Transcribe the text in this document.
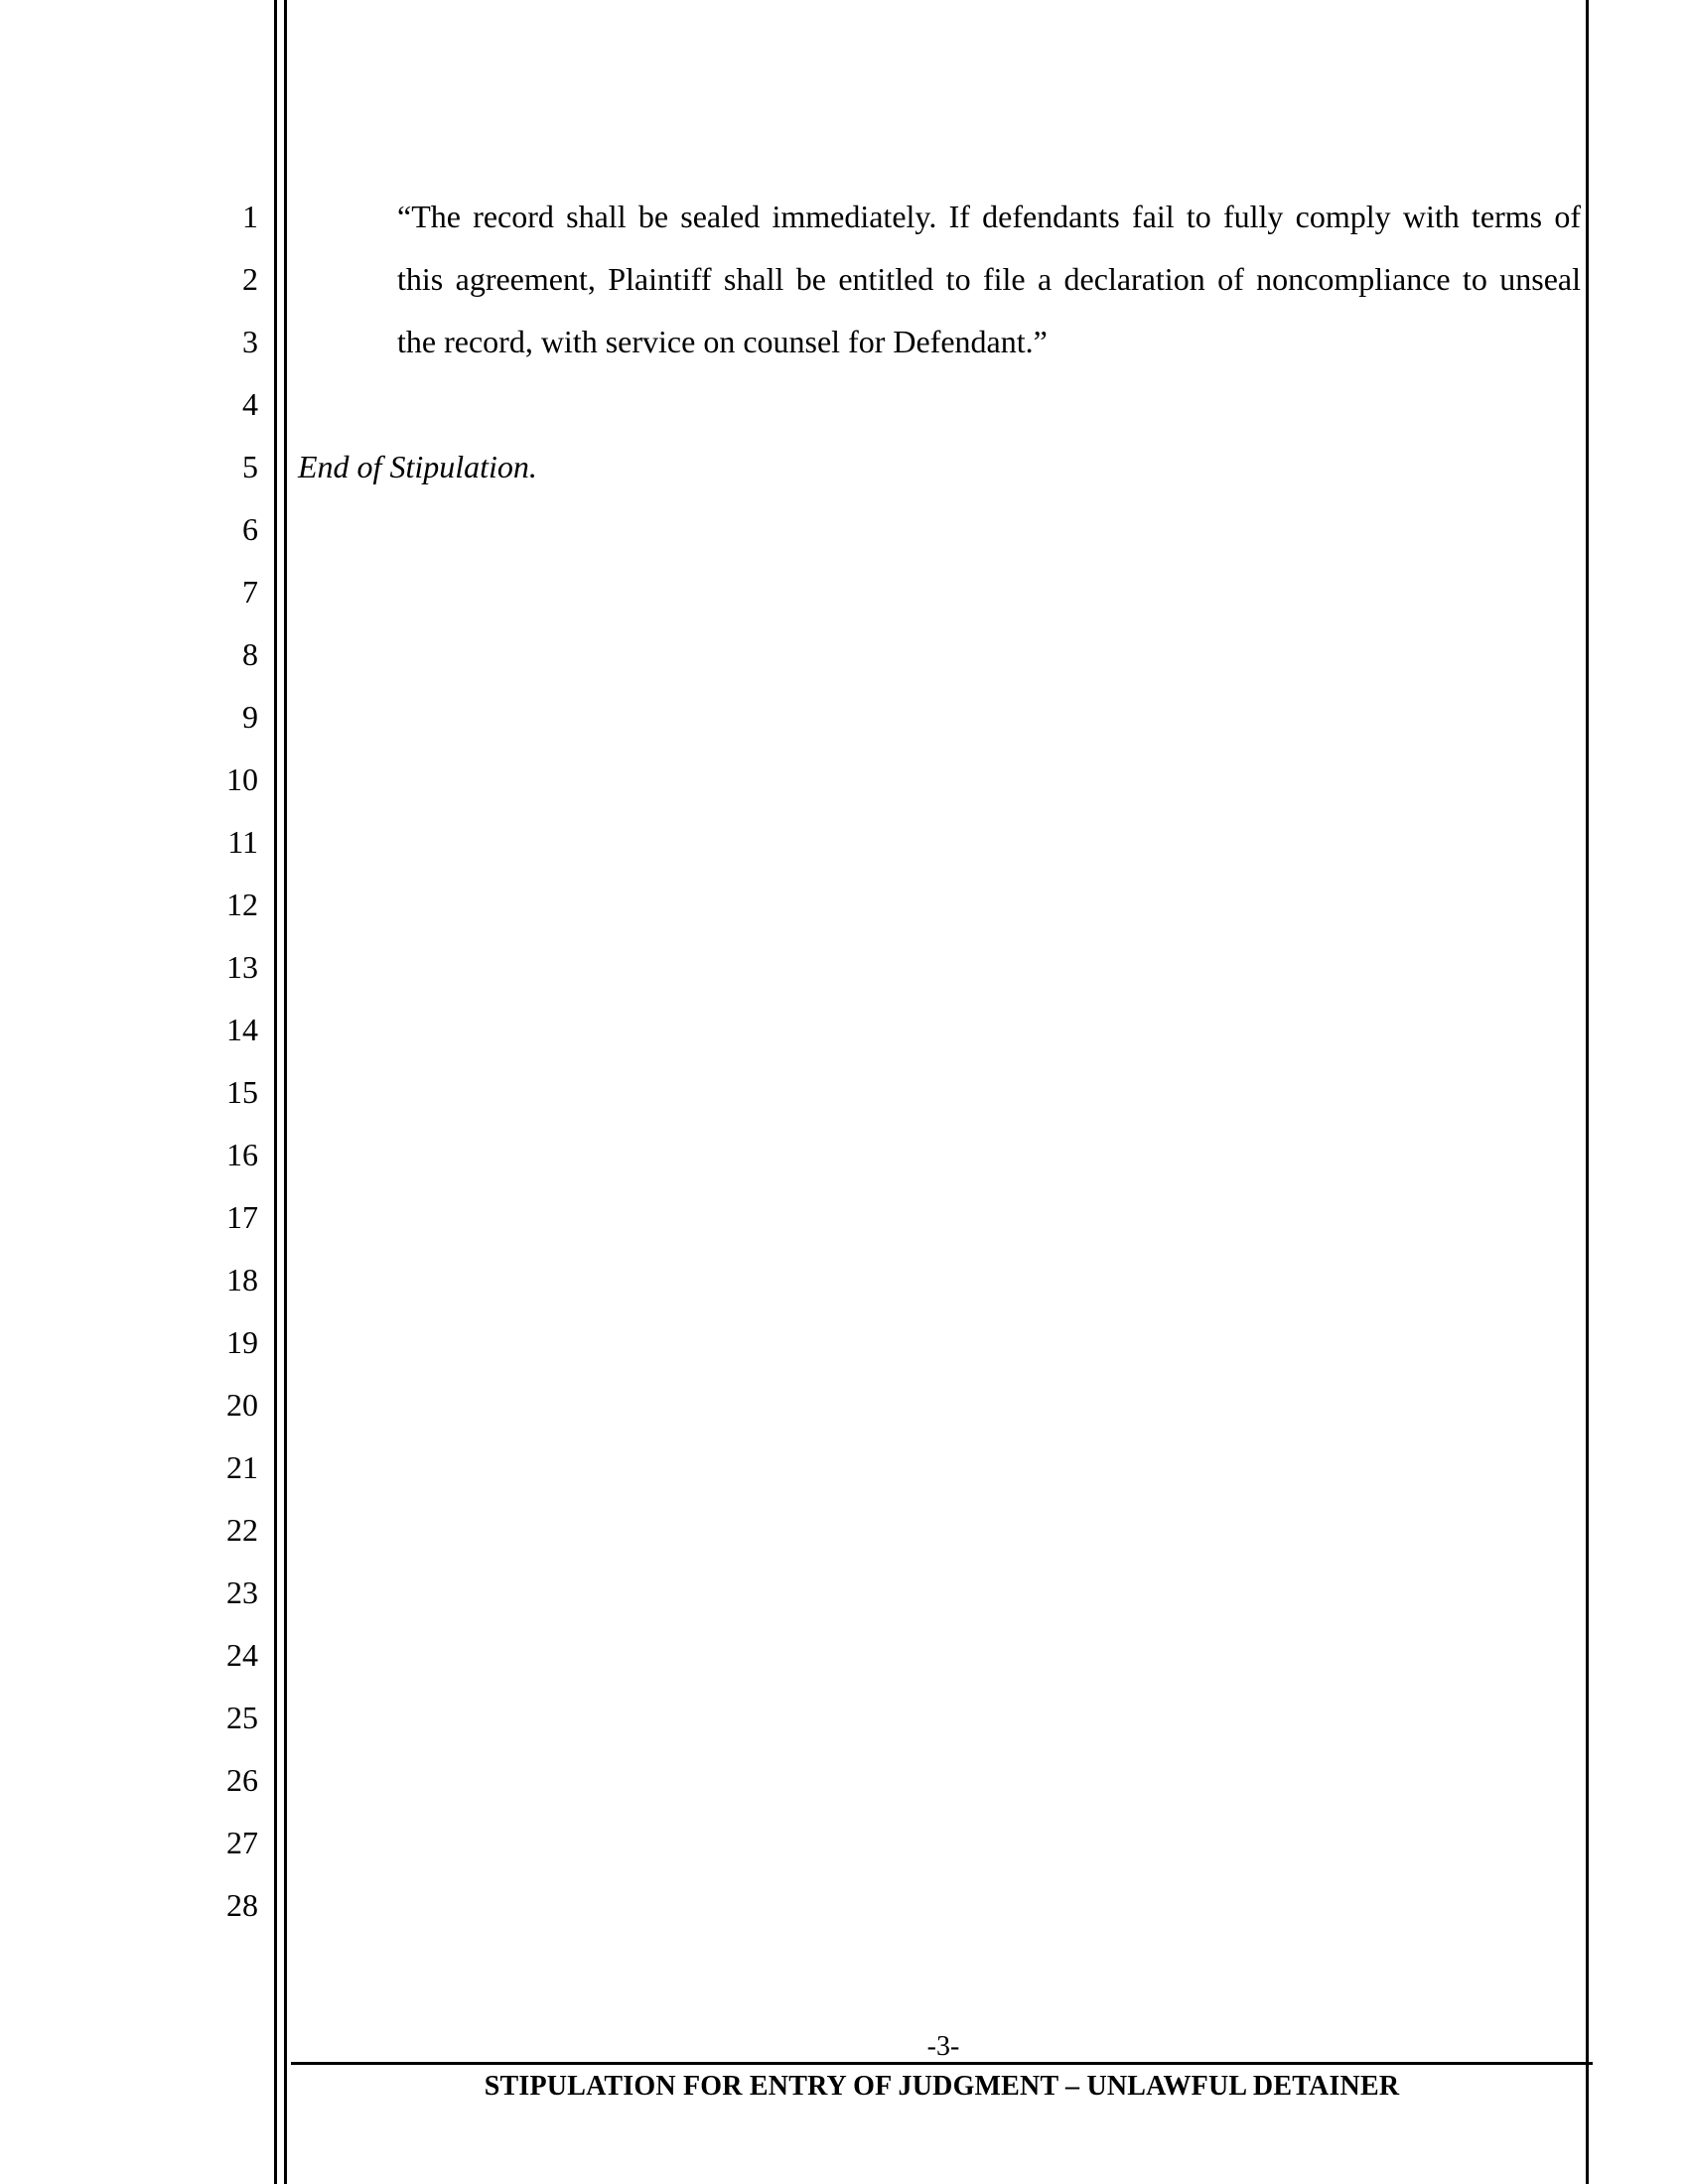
1
2
3
4
5
6
7
8
9
10
11
12
13
14
15
16
17
18
19
20
21
22
23
24
25
26
27
28
“The record shall be sealed immediately. If defendants fail to fully comply with terms of
this agreement, Plaintiff shall be entitled to file a declaration of noncompliance to unseal
the record, with service on counsel for Defendant.”
End of Stipulation.
-3-
STIPULATION FOR ENTRY OF JUDGMENT – UNLAWFUL DETAINER
